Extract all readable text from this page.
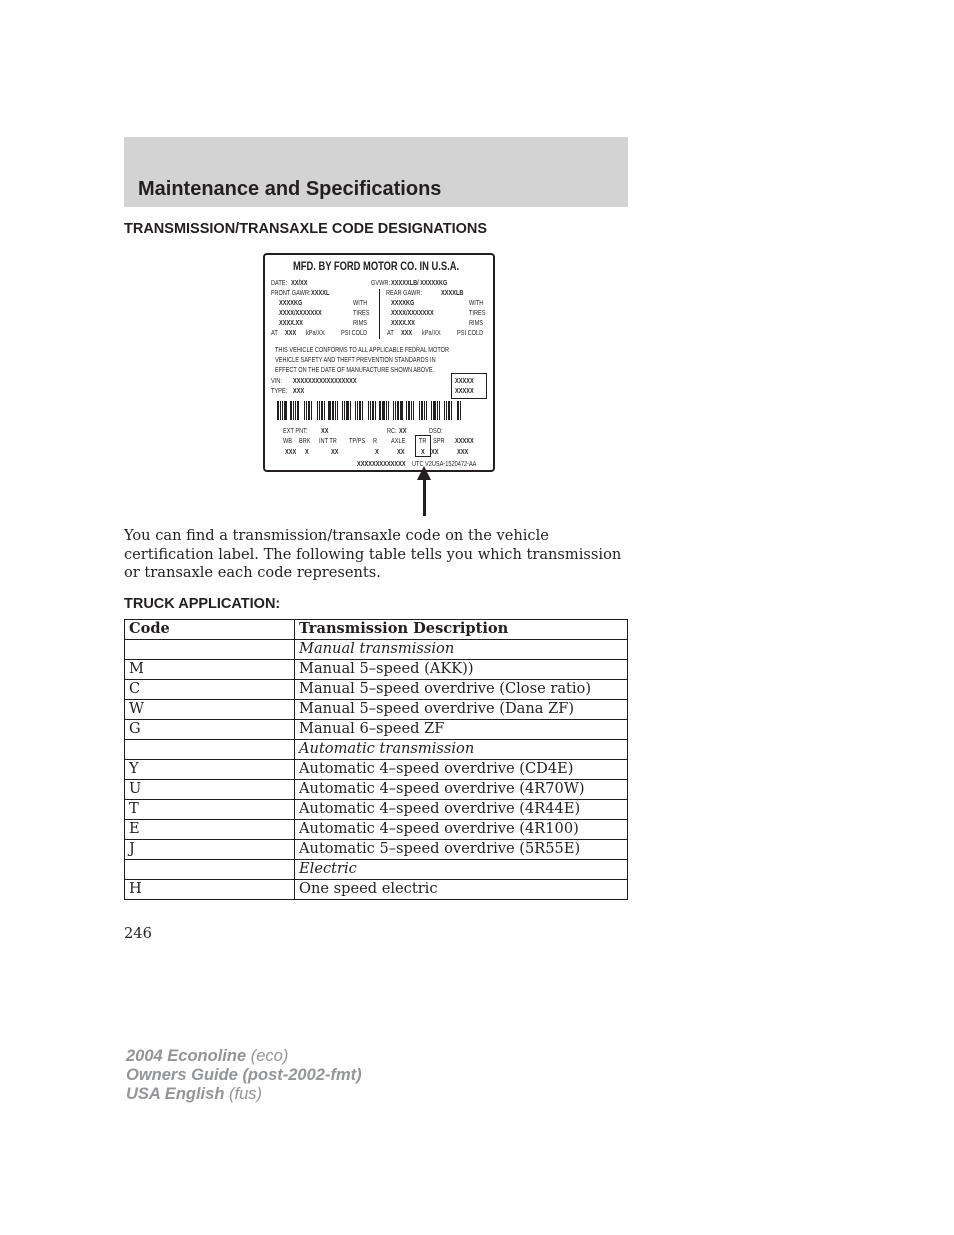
Maintenance and Specifications
TRANSMISSION/TRANSAXLE CODE DESIGNATIONS
MFD. BY FORD MOTOR CO. IN U.S.A.
DATE: XX/XX	GVWR: XXXXXLB/ XXXXXKG
FRONT GAWR: XXXXL	REAR GAWR:	XXXXLB
XXXXKG	WITH	XXXXKG	WITH
XXXX/XXXXXXX	TIRES	XXXX/XXXXXXX	TIRES
XXXX.XX	RIMS	XXXX.XX	RIMS
AT XXX kPa/XX PSI COLD	AT XXX kPa/XX PSI COLD
THIS VEHICLE CONFORMS TO ALL APPLICABLE FEDRAL MOTOR
VEHICLE SAFETY AND THEFT PREVENTION STANDARDS IN
EFFECT ON THE DATE OF MANUFACTURE SHOWN ABOVE.
VIN: XXXXXXXXXXXXXXXXX
TYPE: XXX
XXXXX
XXXXX
EXT PNT: XX	RC: XX	DSO:
WB BRK INT TR TP/PS R AXLE TR SPR XXXXX
XXX X	XX	X	XX X XX	XXX
XXXXXXXXXXXXX UTC V2USA-1520472-AA

You can find a transmission/transaxle code on the vehicle certification label. The following table tells you which transmission or transaxle each code represents.

TRUCK APPLICATION:
Code	Transmission Description
	Manual transmission
M	Manual 5–speed (AKK))
C	Manual 5–speed overdrive (Close ratio)
W	Manual 5–speed overdrive (Dana ZF)
G	Manual 6–speed ZF
	Automatic transmission
Y	Automatic 4–speed overdrive (CD4E)
U	Automatic 4–speed overdrive (4R70W)
T	Automatic 4–speed overdrive (4R44E)
E	Automatic 4–speed overdrive (4R100)
J	Automatic 5–speed overdrive (5R55E)
	Electric
H	One speed electric
246
2004 Econoline (eco)
Owners Guide (post-2002-fmt)
USA English (fus)
